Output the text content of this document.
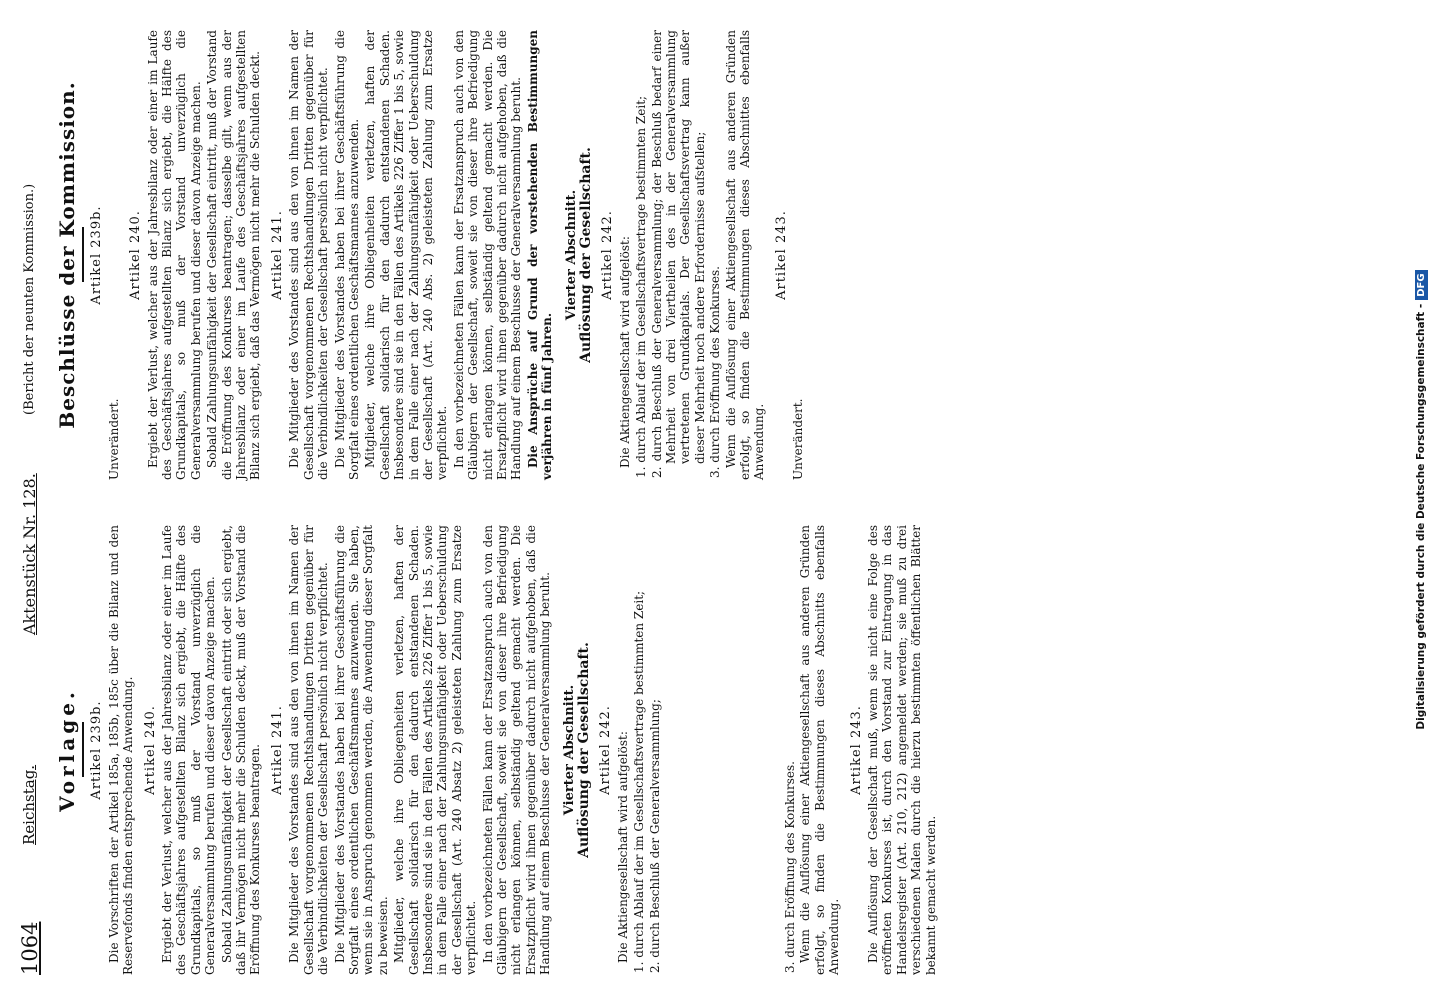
1064
Reichstag.
Aktenstück Nr. 128.
(Bericht der neunten Kommission.)
Vorlage. Artikel 239b. Die Vorschriften der Artikel 185a, 185b, 185c über die Bilanz und den Reservefonds finden entsprechende Anwendung. Artikel 240. Ergiebt der Verlust, welcher aus der Jahresbilanz oder einer im Laufe des Geschäftsjahres aufgestellten Bilanz sich ergiebt, die Hälfte des Grundkapitals, so muß der Vorstand unverzüglich die Generalversammlung berufen und dieser davon Anzeige machen. Sobald Zahlungsunfähigkeit der Gesellschaft eintritt oder sich ergiebt, daß ihr Vermögen nicht mehr die Schulden deckt, muß der Vorstand die Eröffnung des Konkurses beantragen. Artikel 241. Die Mitglieder des Vorstandes sind aus den von ihnen im Namen der Gesellschaft vorgenommenen Rechtshandlungen Dritten gegenüber für die Verbindlichkeiten der Gesellschaft persönlich nicht verpflichtet. Die Mitglieder des Vorstandes haben bei ihrer Geschäftsführung die Sorgfalt eines ordentlichen Geschäftsmannes anzuwenden. Sie haben, wenn sie in Anspruch genommen werden, die Anwendung dieser Sorgfalt zu beweisen. Mitglieder, welche ihre Obliegenheiten verletzen, haften der Gesellschaft solidarisch für den dadurch entstandenen Schaden. Insbesondere sind sie in den Fällen des Artikels 226 Ziffer 1 bis 5, sowie in dem Falle einer nach der Zahlungsunfähigkeit oder Ueberschuldung der Gesellschaft (Art. 240 Absatz 2) geleisteten Zahlung zum Ersatze verpflichtet. In den vorbezeichneten Fällen kann der Ersatzanspruch auch von den Gläubigern der Gesellschaft, soweit sie von dieser ihre Befriedigung nicht erlangen können, selbständig geltend gemacht werden. Die Ersatzpflicht wird ihnen gegenüber dadurch nicht aufgehoben, daß die Handlung auf einem Beschlusse der Generalversammlung beruht. Vierter Abschnitt. Auflösung der Gesellschaft. Artikel 242. Die Aktiengesellschaft wird aufgelöst: 1. durch Ablauf der im Gesellschaftsvertrage bestimmten Zeit; 2. durch Beschluß der Generalversammlung;	3. durch Eröffnung des Konkurses. Wenn die Auflösung einer Aktiengesellschaft aus anderen Gründen erfolgt, so finden die Bestimmungen dieses Abschnitts ebenfalls Anwendung.
Artikel 243. Die Auflösung der Gesellschaft muß, wenn sie nicht eine Folge des eröffneten Konkurses ist, durch den Vorstand zur Eintragung in das Handelsregister (Art. 210, 212) angemeldet werden; sie muß zu drei verschiedenen Malen durch die hierzu bestimmten öffentlichen Blätter bekannt gemacht werden.
Beschlüsse der Kommission. Artikel 239b.
Unverändert.
Artikel 240. Ergiebt der Verlust, welcher aus der Jahresbilanz oder einer im Laufe des Geschäftsjahres aufgestellten Bilanz sich ergiebt, die Hälfte des Grundkapitals, so muß der Vorstand unverzüglich die Generalversammlung berufen und dieser davon Anzeige machen. Sobald Zahlungsunfähigkeit der Gesellschaft eintritt, muß der Vorstand die Eröffnung des Konkurses beantragen; dasselbe gilt, wenn aus der Jahresbilanz oder einer im Laufe des Geschäftsjahres aufgestellten Bilanz sich ergiebt, daß das Vermögen nicht mehr die Schulden deckt. Artikel 241. Die Mitglieder des Vorstandes sind aus den von ihnen im Namen der Gesellschaft vorgenommenen Rechtshandlungen Dritten gegenüber für die Verbindlichkeiten der Gesellschaft persönlich nicht verpflichtet. Die Mitglieder des Vorstandes haben bei ihrer Geschäftsführung die Sorgfalt eines ordentlichen Geschäftsmannes anzuwenden. Mitglieder, welche ihre Obliegenheiten verletzen, haften der Gesellschaft solidarisch für den dadurch entstandenen Schaden. Insbesondere sind sie in den Fällen des Artikels 226 Ziffer 1 bis 5, sowie in dem Falle einer nach der Zahlungsunfähigkeit oder Ueberschuldung der Gesellschaft (Art. 240 Abs. 2) geleisteten Zahlung zum Ersatze verpflichtet. In den vorbezeichneten Fällen kann der Ersatzanspruch auch von den Gläubigern der Gesellschaft, soweit sie von dieser ihre Befriedigung nicht erlangen können, selbständig geltend gemacht werden. Die Ersatzpflicht wird ihnen gegenüber dadurch nicht aufgehoben, daß die Handlung auf einem Beschlusse der Generalversammlung beruht. Die Ansprüche auf Grund der vorstehenden Bestimmungen verjähren in fünf Jahren.
Vierter Abschnitt. Auflösung der Gesellschaft. Artikel 242. Die Aktiengesellschaft wird aufgelöst: 1. durch Ablauf der im Gesellschaftsvertrage bestimmten Zeit; 2. durch Beschluß der Generalversammlung; der Beschluß bedarf einer Mehrheit von drei Viertheilen des in der Generalversammlung vertretenen Grundkapitals. Der Gesellschaftsvertrag kann außer dieser Mehrheit noch andere Erfordernisse aufstellen; 3. durch Eröffnung des Konkurses. Wenn die Auflösung einer Aktiengesellschaft aus anderen Gründen erfolgt, so finden die Bestimmungen dieses Abschnittes ebenfalls Anwendung.
Artikel 243.
Unverändert.	Digitalisierung gefördert durch die Deutsche Forschungsgemeinschaft -DFG
